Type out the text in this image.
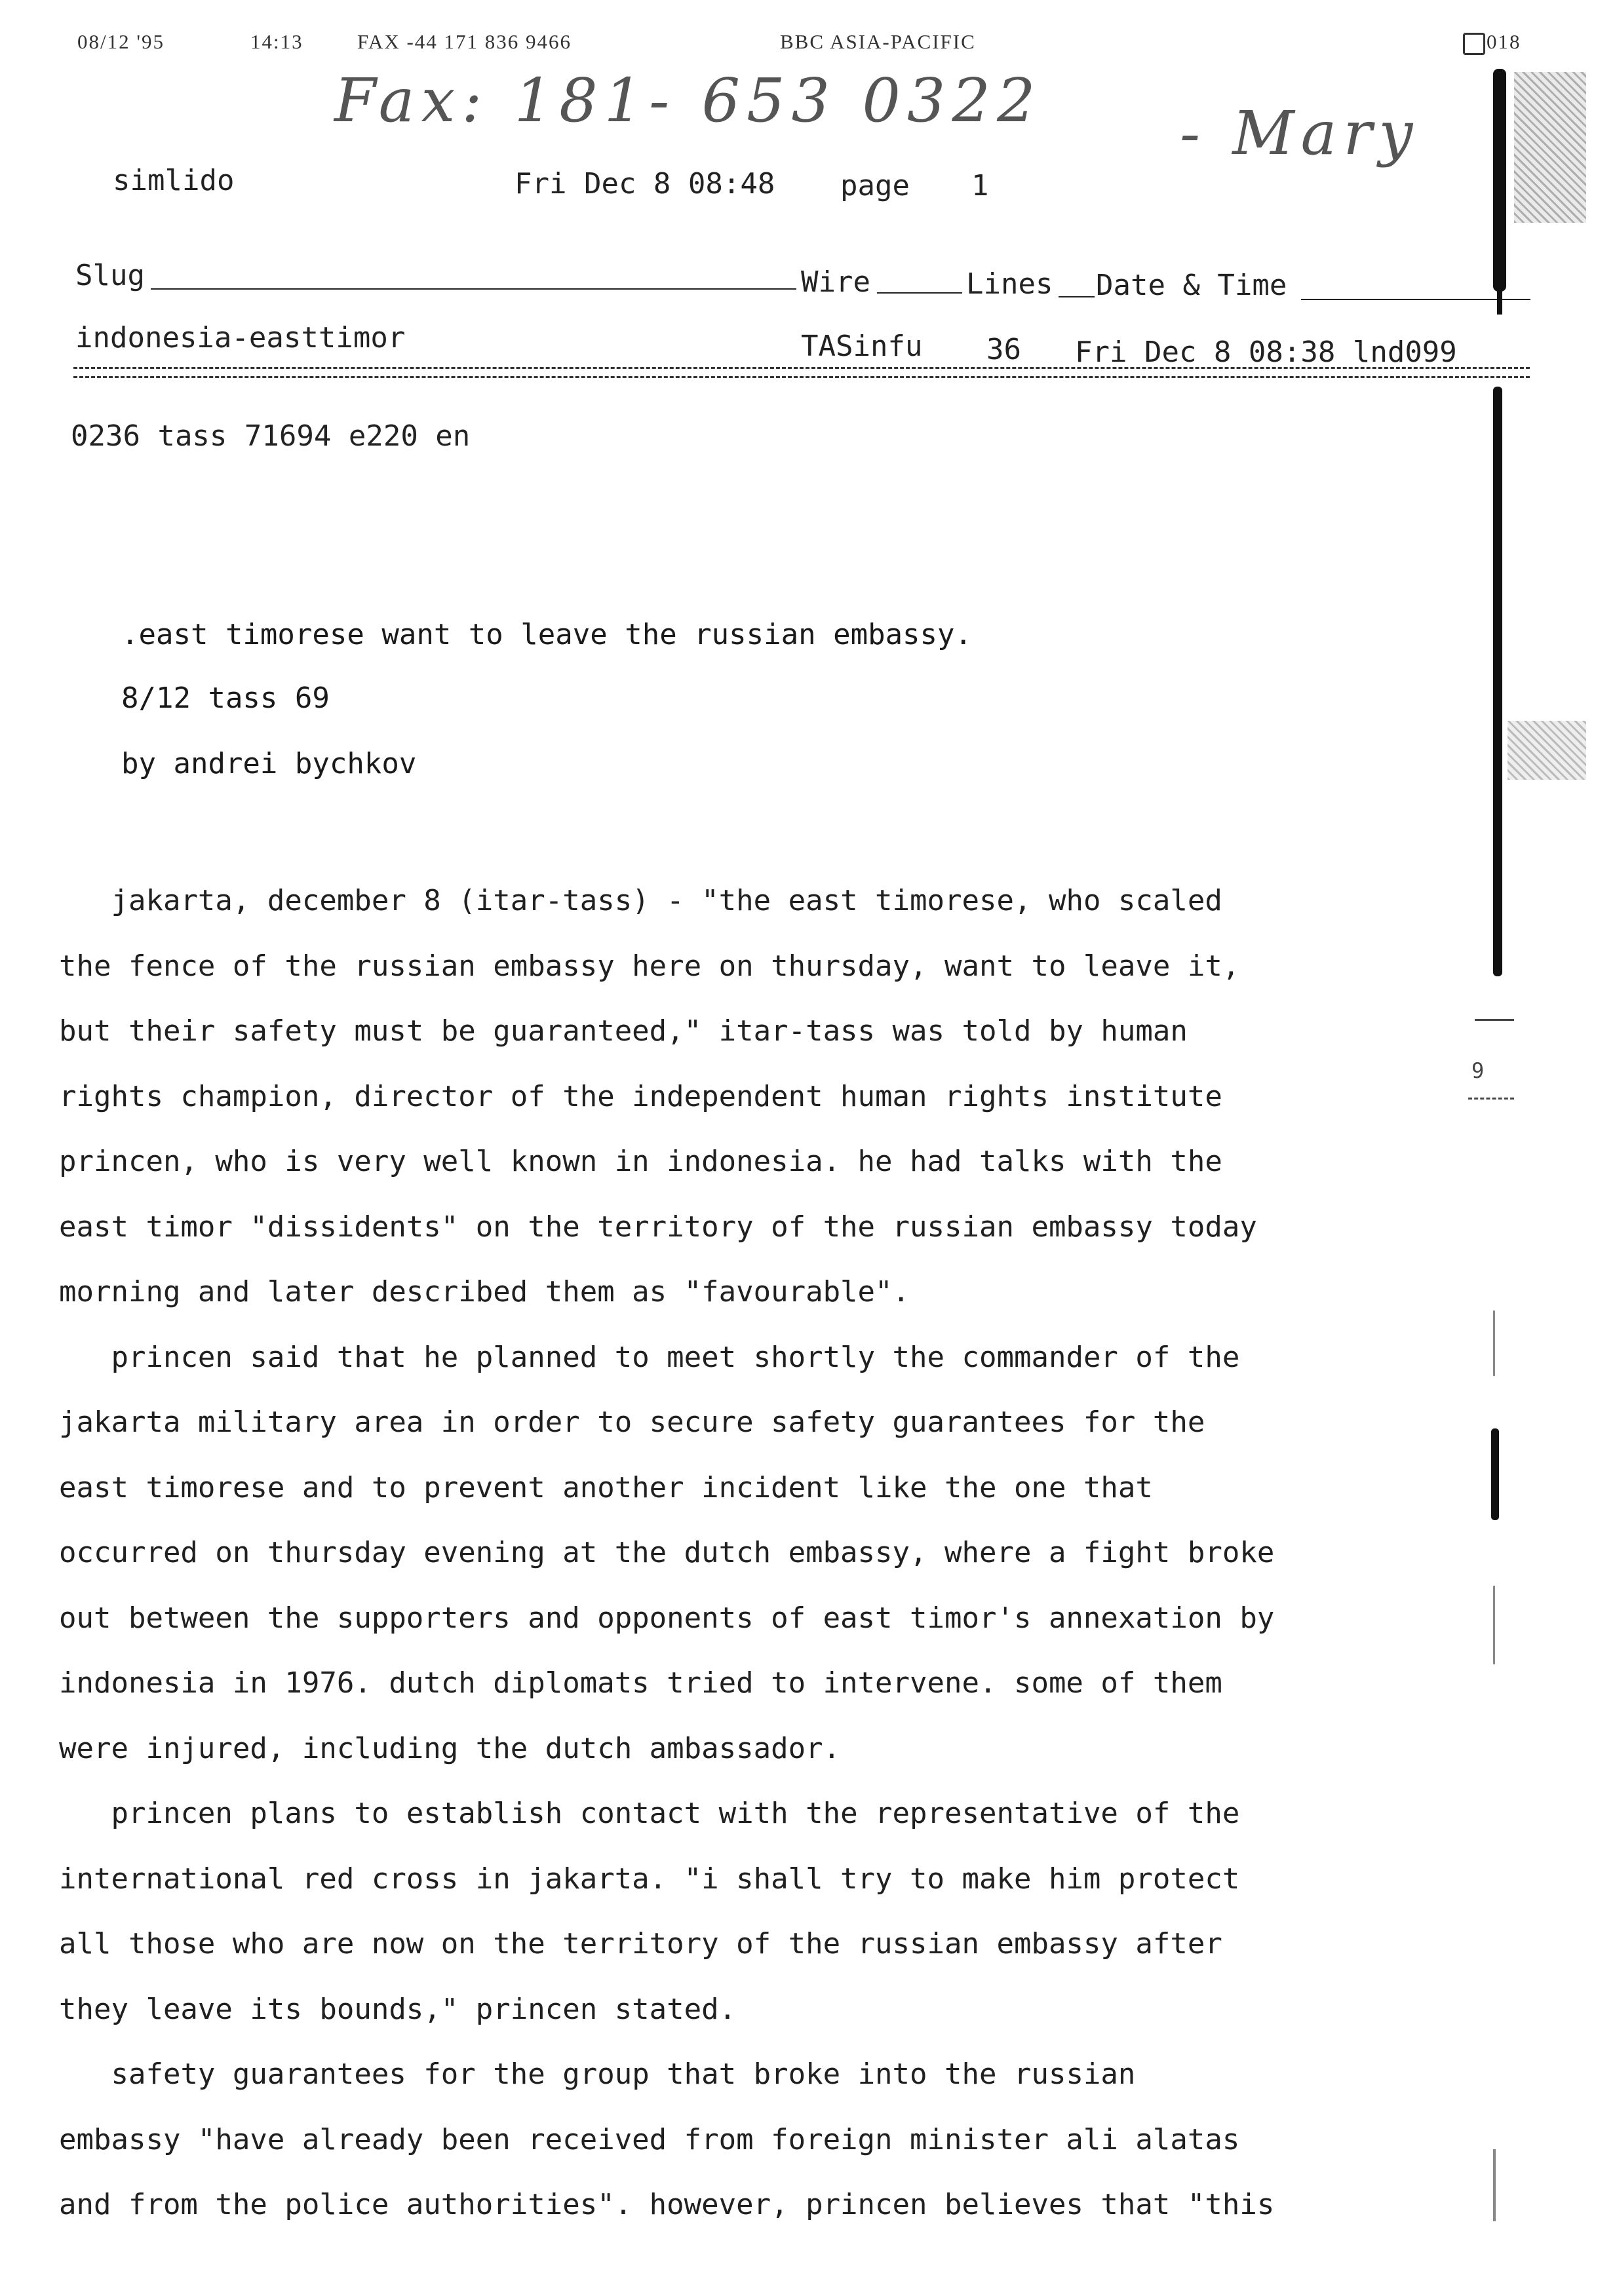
08/12 '95	14:13	FAX -44 171 836 9466	BBC ASIA-PACIFIC	018
Fax: 181- 653 0322 - Mary
simlido	Fri Dec 8 08:48 page 1
Slug	Wire	Lines Date & Time
indonesia-easttimor	TASinfu 36 Fri Dec 8 08:38 lnd099
0236 tass 71694 e220 en
.east timorese want to leave the russian embassy.
8/12 tass 69
by andrei bychkov

jakarta, december 8 (itar-tass) - "the east timorese, who scaled
the fence of the russian embassy here on thursday, want to leave it,
but their safety must be guaranteed," itar-tass was told by human
rights champion, director of the independent human rights institute
princen, who is very well known in indonesia. he had talks with the
east timor "dissidents" on the territory of the russian embassy today
morning and later described them as "favourable".

princen said that he planned to meet shortly the commander of the
jakarta military area in order to secure safety guarantees for the
east timorese and to prevent another incident like the one that
occurred on thursday evening at the dutch embassy, where a fight broke
out between the supporters and opponents of east timor's annexation by
indonesia in 1976. dutch diplomats tried to intervene. some of them
were injured, including the dutch ambassador.

princen plans to establish contact with the representative of the
international red cross in jakarta. "i shall try to make him protect
all those who are now on the territory of the russian embassy after
they leave its bounds," princen stated.

safety guarantees for the group that broke into the russian
embassy "have already been received from foreign minister ali alatas
and from the police authorities". however, princen believes that "this

9
